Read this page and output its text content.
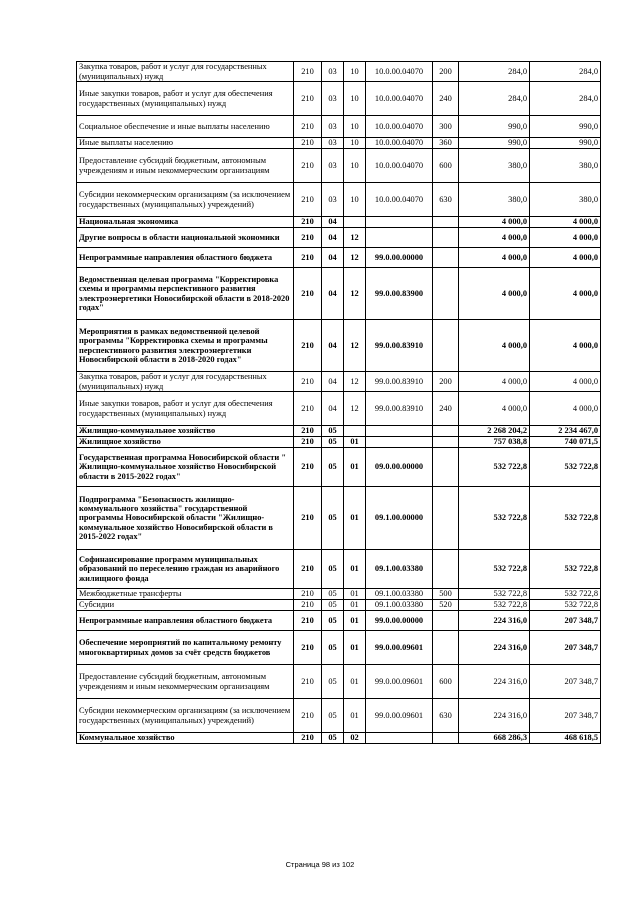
Закупка товаров, работ и услуг для государственных (муниципальных) нужд	210	03	10	10.0.00.04070	200	284,0	284,0
Иные закупки товаров, работ и услуг для обеспечения государственных (муниципальных) нужд	210	03	10	10.0.00.04070	240	284,0	284,0
Социальное обеспечение и иные выплаты населению	210	03	10	10.0.00.04070	300	990,0	990,0
Иные выплаты населению	210	03	10	10.0.00.04070	360	990,0	990,0
Предоставление субсидий бюджетным, автономным учреждениям и иным некоммерческим организациям	210	03	10	10.0.00.04070	600	380,0	380,0
Субсидии некоммерческим организациям (за исключением государственных (муниципальных) учреждений)	210	03	10	10.0.00.04070	630	380,0	380,0
Национальная экономика	210	04				4 000,0	4 000,0
Другие вопросы в области национальной экономики	210	04	12			4 000,0	4 000,0
Непрограммные направления областного бюджета	210	04	12	99.0.00.00000		4 000,0	4 000,0
Ведомственная целевая программа "Корректировка схемы и программы перспективного развития электроэнергетики Новосибирской области в 2018-2020 годах"	210	04	12	99.0.00.83900		4 000,0	4 000,0
Мероприятия в рамках ведомственной целевой программы "Корректировка схемы и программы перспективного развития электроэнергетики Новосибирской области в 2018-2020 годах"	210	04	12	99.0.00.83910		4 000,0	4 000,0
Закупка товаров, работ и услуг для государственных (муниципальных) нужд	210	04	12	99.0.00.83910	200	4 000,0	4 000,0
Иные закупки товаров, работ и услуг для обеспечения государственных (муниципальных) нужд	210	04	12	99.0.00.83910	240	4 000,0	4 000,0
Жилищно-коммунальное хозяйство	210	05				2 268 204,2	2 234 467,0
Жилищное хозяйство	210	05	01			757 038,8	740 071,5
Государственная программа Новосибирской области " Жилищно-коммунальное хозяйство Новосибирской области в 2015-2022 годах"	210	05	01	09.0.00.00000		532 722,8	532 722,8
Подпрограмма "Безопасность жилищно-коммунального хозяйства" государственной программы Новосибирской области "Жилищно-коммунальное хозяйство Новосибирской области в 2015-2022 годах"	210	05	01	09.1.00.00000		532 722,8	532 722,8
Софинансирование программ муниципальных образований по переселению граждан из аварийного жилищного фонда	210	05	01	09.1.00.03380		532 722,8	532 722,8
Межбюджетные трансферты	210	05	01	09.1.00.03380	500	532 722,8	532 722,8
Субсидии	210	05	01	09.1.00.03380	520	532 722,8	532 722,8
Непрограммные направления областного бюджета	210	05	01	99.0.00.00000		224 316,0	207 348,7
Обеспечение мероприятий по капитальному ремонту многоквартирных домов за счёт средств бюджетов	210	05	01	99.0.00.09601		224 316,0	207 348,7
Предоставление субсидий бюджетным, автономным учреждениям и иным некоммерческим организациям	210	05	01	99.0.00.09601	600	224 316,0	207 348,7
Субсидии некоммерческим организациям (за исключением государственных (муниципальных) учреждений)	210	05	01	99.0.00.09601	630	224 316,0	207 348,7
Коммунальное хозяйство	210	05	02			668 286,3	468 618,5
Страница 98 из 102
